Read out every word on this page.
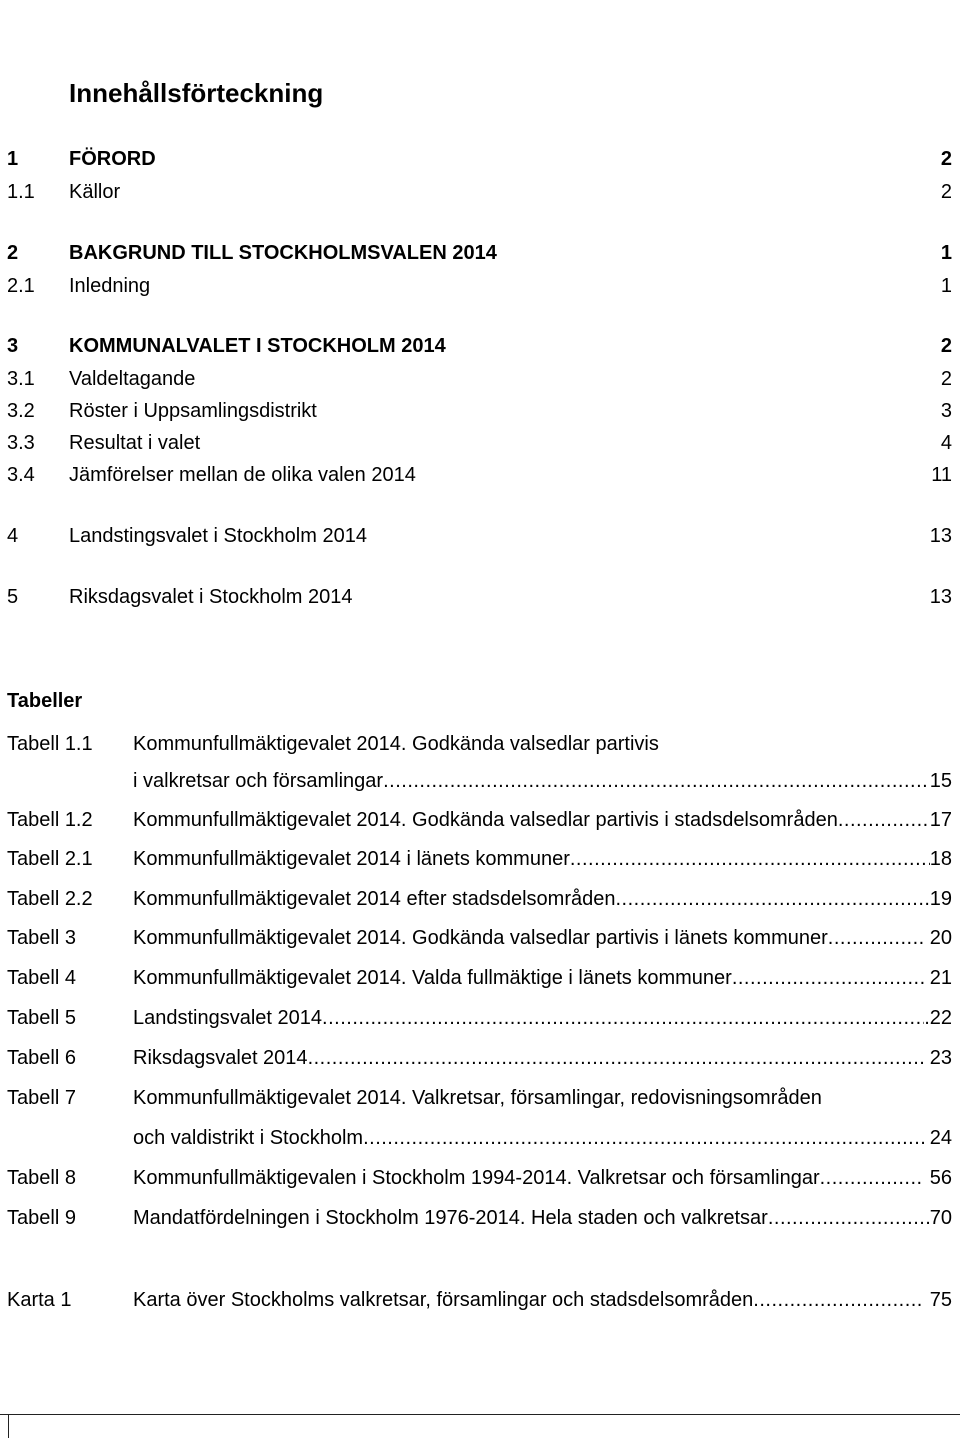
Innehållsförteckning
1	FÖRORD	2
1.1 Källor	2
2	BAKGRUND TILL STOCKHOLMSVALEN 2014	1
2.1 Inledning	1
3	KOMMUNALVALET I STOCKHOLM 2014	2
3.1 Valdeltagande	2
3.2 Röster i Uppsamlingsdistrikt	3
3.3 Resultat i valet	4
3.4 Jämförelser mellan de olika valen 2014	11
4	Landstingsvalet i Stockholm 2014	13
5	Riksdagsvalet i Stockholm 2014	13
Tabeller
Tabell 1.1 Kommunfullmäktigevalet 2014. Godkända valsedlar partivis
i valkretsar och församlingar .....	15
Tabell 1.2 Kommunfullmäktigevalet 2014. Godkända valsedlar partivis i stadsdelsområden .....	17
Tabell 2.1 Kommunfullmäktigevalet 2014 i länets kommuner .....	18
Tabell 2.2 Kommunfullmäktigevalet 2014 efter stadsdelsområden .....	19
Tabell 3	Kommunfullmäktigevalet 2014. Godkända valsedlar partivis i länets kommuner .....	20
Tabell 4	Kommunfullmäktigevalet 2014. Valda fullmäktige i länets kommuner .....	21
Tabell 5	Landstingsvalet 2014 .....	.22
Tabell 6	Riksdagsvalet 2014 .....	23
Tabell 7	Kommunfullmäktigevalet 2014. Valkretsar, församlingar, redovisningsområden
och valdistrikt i Stockholm .....	24
Tabell 8	Kommunfullmäktigevalen i Stockholm 1994-2014. Valkretsar och församlingar .....	56
Tabell 9	Mandatfördelningen i Stockholm 1976-2014. Hela staden och valkretsar .....	70
Karta 1	Karta över Stockholms valkretsar, församlingar och stadsdelsområden .....	75
